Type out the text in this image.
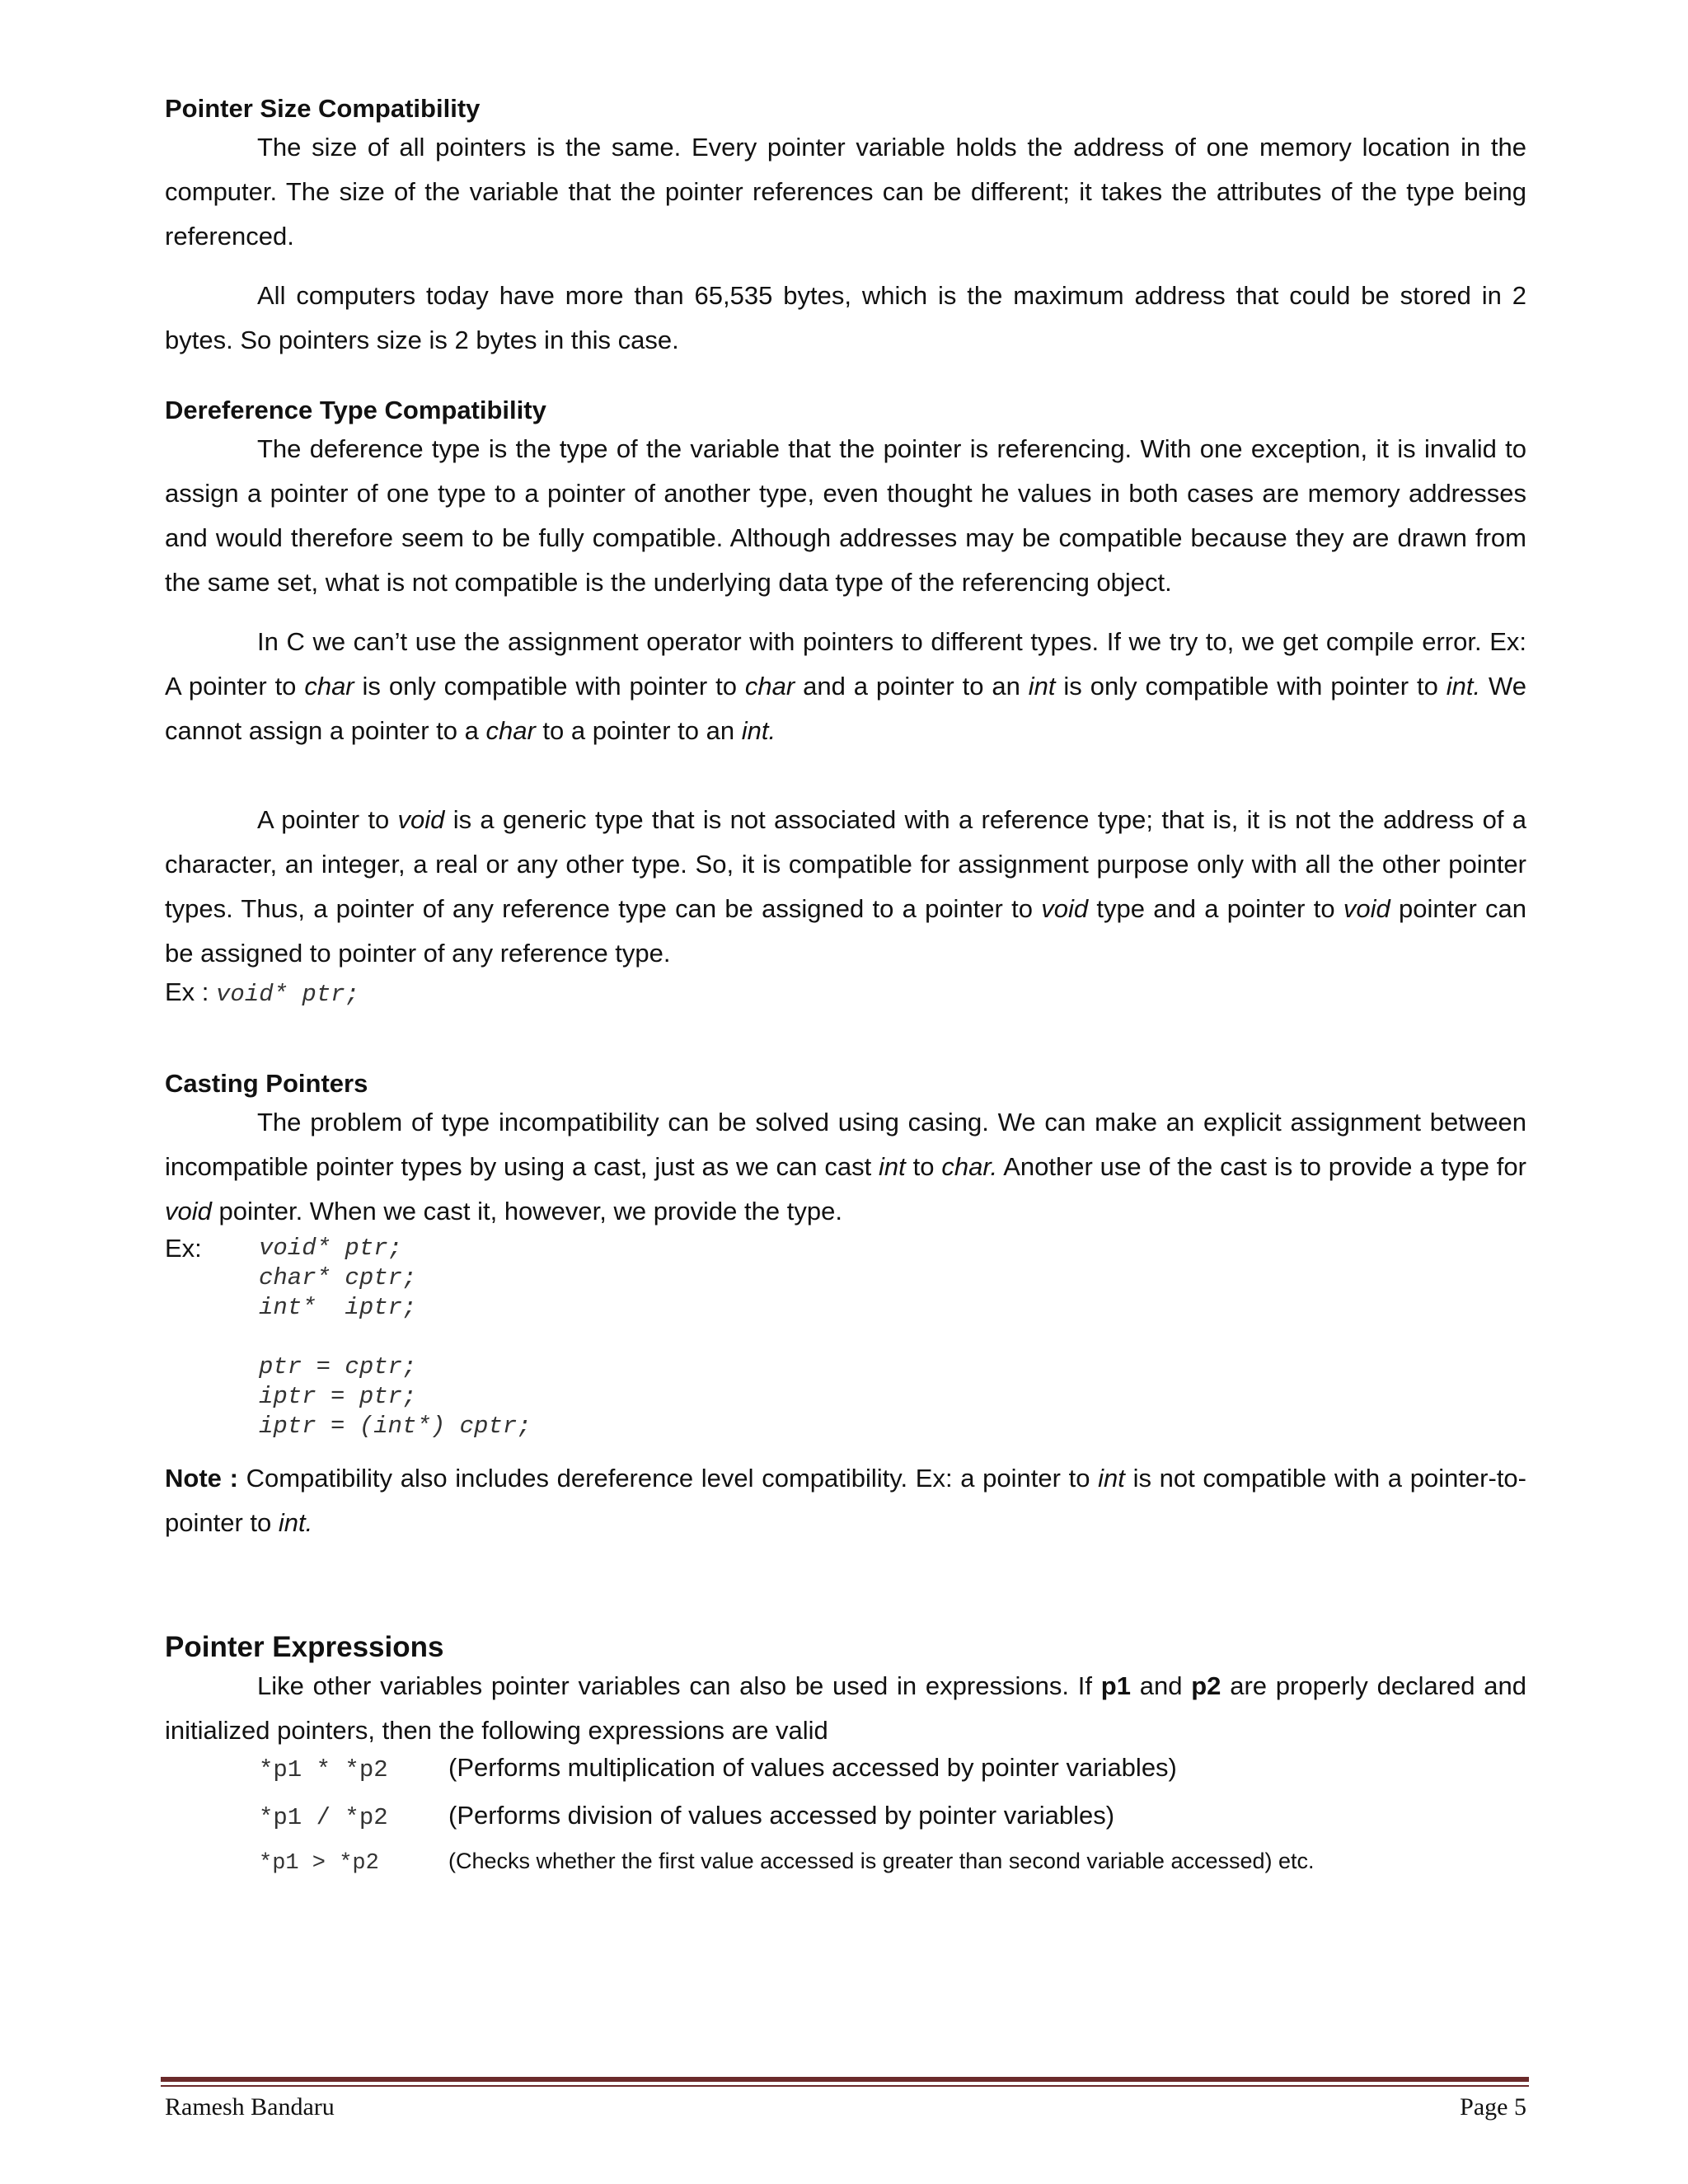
Pointer Size Compatibility

The size of all pointers is the same. Every pointer variable holds the address of one memory location in the computer. The size of the variable that the pointer references can be different; it takes the attributes of the type being referenced.

All computers today have more than 65,535 bytes, which is the maximum address that could be stored in 2 bytes. So pointers size is 2 bytes in this case.

Dereference Type Compatibility

The deference type is the type of the variable that the pointer is referencing. With one exception, it is invalid to assign a pointer of one type to a pointer of another type, even thought he values in both cases are memory addresses and would therefore seem to be fully compatible. Although addresses may be compatible because they are drawn from the same set, what is not compatible is the underlying data type of the referencing object.

In C we can’t use the assignment operator with pointers to different types. If we try to, we get compile error. Ex: A pointer to char is only compatible with pointer to char and a pointer to an int is only compatible with pointer to int. We cannot assign a pointer to a char to a pointer to an int.

A pointer to void is a generic type that is not associated with a reference type; that is, it is not the address of a character, an integer, a real or any other type. So, it is compatible for assignment purpose only with all the other pointer types. Thus, a pointer of any reference type can be assigned to a pointer to void type and a pointer to void pointer can be assigned to pointer of any reference type.

Ex : void* ptr;

Casting Pointers

The problem of type incompatibility can be solved using casing. We can make an explicit assignment between incompatible pointer types by using a cast, just as we can cast int to char. Another use of the cast is to provide a type for void pointer. When we cast it, however, we provide the type.

Ex:	void* ptr;
char* cptr;
int*  iptr;

ptr = cptr;
iptr = ptr;
iptr = (int*) cptr;

Note : Compatibility also includes dereference level compatibility. Ex: a pointer to int is not compatible with a pointer-to-pointer to int.

Pointer Expressions

Like other variables pointer variables can also be used in expressions. If p1 and p2 are properly declared and initialized pointers, then the following expressions are valid

*p1 * *p2	(Performs multiplication of values accessed by pointer variables)
*p1 / *p2	(Performs division of values accessed by pointer variables)
*p1 > *p2	(Checks whether the first value accessed is greater than second variable accessed) etc.
Ramesh Bandaru	Page 5
